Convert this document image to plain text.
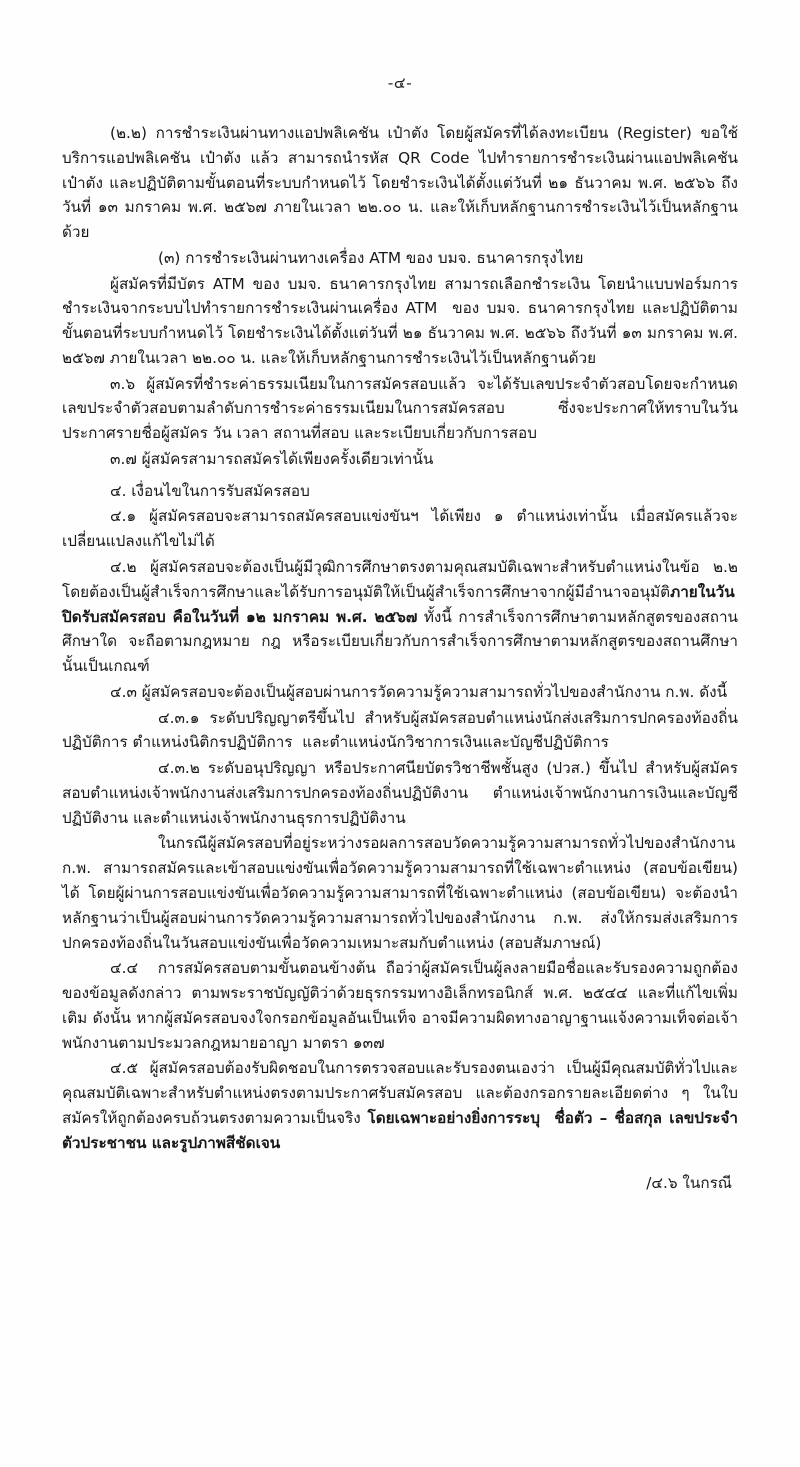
-๔-

(๒.๒) การชำระเงินผ่านทางแอปพลิเคชัน เป๋าตัง โดยผู้สมัครที่ได้ลงทะเบียน (Register) ขอใช้บริการแอปพลิเคชัน เป๋าตัง แล้ว สามารถนำรหัส QR Code ไปทำรายการชำระเงินผ่านแอปพลิเคชัน เป๋าตัง และปฏิบัติตามขั้นตอนที่ระบบกำหนดไว้ โดยชำระเงินได้ตั้งแต่วันที่ ๒๑ ธันวาคม พ.ศ. ๒๕๖๖ ถึงวันที่ ๑๓ มกราคม พ.ศ. ๒๕๖๗ ภายในเวลา ๒๒.๐๐ น. และให้เก็บหลักฐานการชำระเงินไว้เป็นหลักฐานด้วย

(๓) การชำระเงินผ่านทางเครื่อง ATM ของ บมจ. ธนาคารกรุงไทย

ผู้สมัครที่มีบัตร ATM ของ บมจ. ธนาคารกรุงไทย สามารถเลือกชำระเงิน โดยนำแบบฟอร์มการชำระเงินจากระบบไปทำรายการชำระเงินผ่านเครื่อง ATM  ของ บมจ. ธนาคารกรุงไทย และปฏิบัติตามขั้นตอนที่ระบบกำหนดไว้ โดยชำระเงินได้ตั้งแต่วันที่ ๒๑ ธันวาคม พ.ศ. ๒๕๖๖ ถึงวันที่ ๑๓ มกราคม พ.ศ. ๒๕๖๗ ภายในเวลา ๒๒.๐๐ น. และให้เก็บหลักฐานการชำระเงินไว้เป็นหลักฐานด้วย

๓.๖ ผู้สมัครที่ชำระค่าธรรมเนียมในการสมัครสอบแล้ว จะได้รับเลขประจำตัวสอบโดยจะกำหนดเลขประจำตัวสอบตามลำดับการชำระค่าธรรมเนียมในการสมัครสอบ ซึ่งจะประกาศให้ทราบในวันประกาศรายชื่อผู้สมัคร วัน เวลา สถานที่สอบ และระเบียบเกี่ยวกับการสอบ

๓.๗ ผู้สมัครสามารถสมัครได้เพียงครั้งเดียวเท่านั้น

๔. เงื่อนไขในการรับสมัครสอบ

๔.๑ ผู้สมัครสอบจะสามารถสมัครสอบแข่งขันฯ ได้เพียง ๑ ตำแหน่งเท่านั้น เมื่อสมัครแล้วจะเปลี่ยนแปลงแก้ไขไม่ได้

๔.๒ ผู้สมัครสอบจะต้องเป็นผู้มีวุฒิการศึกษาตรงตามคุณสมบัติเฉพาะสำหรับตำแหน่งในข้อ ๒.๒ โดยต้องเป็นผู้สำเร็จการศึกษาและได้รับการอนุมัติให้เป็นผู้สำเร็จการศึกษาจากผู้มีอำนาจอนุมัติภายในวันปิดรับสมัครสอบ คือในวันที่ ๑๒ มกราคม พ.ศ. ๒๕๖๗ ทั้งนี้ การสำเร็จการศึกษาตามหลักสูตรของสถานศึกษาใด จะถือตามกฎหมาย กฎ หรือระเบียบเกี่ยวกับการสำเร็จการศึกษาตามหลักสูตรของสถานศึกษานั้นเป็นเกณฑ์

๔.๓ ผู้สมัครสอบจะต้องเป็นผู้สอบผ่านการวัดความรู้ความสามารถทั่วไปของสำนักงาน ก.พ. ดังนี้

๔.๓.๑ ระดับปริญญาตรีขึ้นไป สำหรับผู้สมัครสอบตำแหน่งนักส่งเสริมการปกครองท้องถิ่นปฏิบัติการ ตำแหน่งนิติกรปฏิบัติการ  และตำแหน่งนักวิชาการเงินและบัญชีปฏิบัติการ

๔.๓.๒ ระดับอนุปริญญา หรือประกาศนียบัตรวิชาชีพชั้นสูง (ปวส.) ขึ้นไป สำหรับผู้สมัครสอบตำแหน่งเจ้าพนักงานส่งเสริมการปกครองท้องถิ่นปฏิบัติงาน ตำแหน่งเจ้าพนักงานการเงินและบัญชีปฏิบัติงาน และตำแหน่งเจ้าพนักงานธุรการปฏิบัติงาน

ในกรณีผู้สมัครสอบที่อยู่ระหว่างรอผลการสอบวัดความรู้ความสามารถทั่วไปของสำนักงาน ก.พ. สามารถสมัครและเข้าสอบแข่งขันเพื่อวัดความรู้ความสามารถที่ใช้เฉพาะตำแหน่ง (สอบข้อเขียน) ได้ โดยผู้ผ่านการสอบแข่งขันเพื่อวัดความรู้ความสามารถที่ใช้เฉพาะตำแหน่ง (สอบข้อเขียน) จะต้องนำหลักฐานว่าเป็นผู้สอบผ่านการวัดความรู้ความสามารถทั่วไปของสำนักงาน ก.พ. ส่งให้กรมส่งเสริมการปกครองท้องถิ่นในวันสอบแข่งขันเพื่อวัดความเหมาะสมกับตำแหน่ง (สอบสัมภาษณ์)

๔.๔  การสมัครสอบตามขั้นตอนข้างต้น ถือว่าผู้สมัครเป็นผู้ลงลายมือชื่อและรับรองความถูกต้องของข้อมูลดังกล่าว ตามพระราชบัญญัติว่าด้วยธุรกรรมทางอิเล็กทรอนิกส์ พ.ศ. ๒๕๔๔ และที่แก้ไขเพิ่มเติม ดังนั้น หากผู้สมัครสอบจงใจกรอกข้อมูลอันเป็นเท็จ อาจมีความผิดทางอาญาฐานแจ้งความเท็จต่อเจ้าพนักงานตามประมวลกฎหมายอาญา มาตรา ๑๓๗

๔.๕ ผู้สมัครสอบต้องรับผิดชอบในการตรวจสอบและรับรองตนเองว่า เป็นผู้มีคุณสมบัติทั่วไปและคุณสมบัติเฉพาะสำหรับตำแหน่งตรงตามประกาศรับสมัครสอบ และต้องกรอกรายละเอียดต่าง ๆ ในใบสมัครให้ถูกต้องครบถ้วนตรงตามความเป็นจริง โดยเฉพาะอย่างยิ่งการระบุ  ชื่อตัว – ชื่อสกุล เลขประจำตัวประชาชน และรูปภาพสีชัดเจน

/๔.๖ ในกรณี
